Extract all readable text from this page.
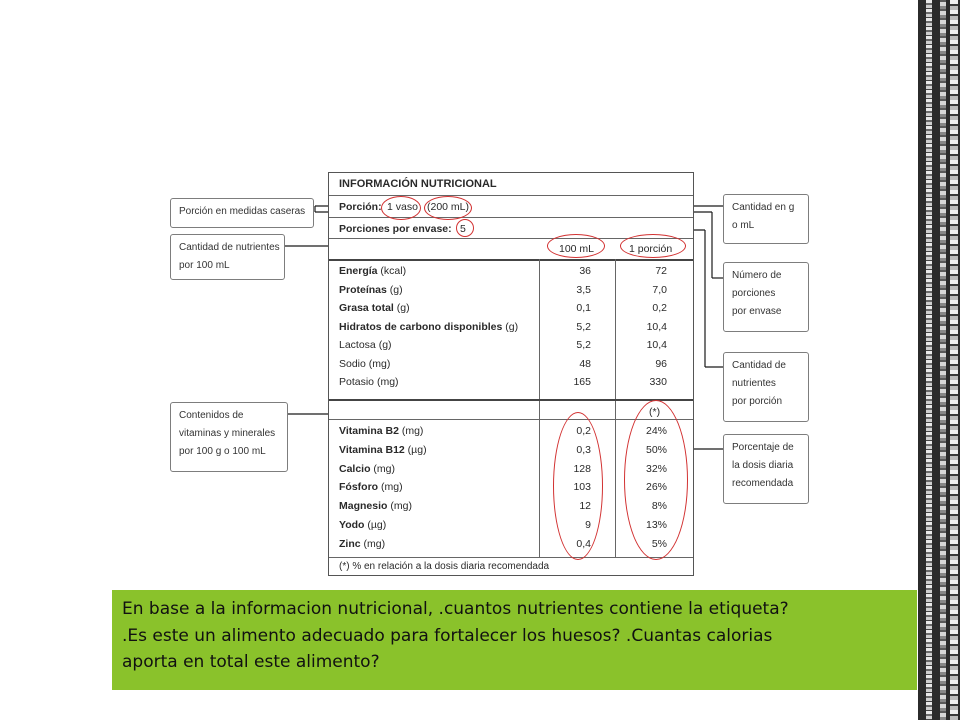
Porción en medidas caseras
Cantidad de nutrientes
por 100 mL
Contenidos de
vitaminas y minerales
por 100 g o 100 mL
Cantidad en g
o mL
Número de
porciones
por envase
Cantidad de
nutrientes
por porción
Porcentaje de
la dosis diaria
recomendada
INFORMACIÓN NUTRICIONAL
Porción: 1 vaso (200 mL)
Porciones por envase: 5
100 mL	1 porción
Energía (kcal)	36	72
Proteínas (g)	3,5	7,0
Grasa total (g)	0,1	0,2
Hidratos de carbono disponibles (g)	5,2	10,4
Lactosa (g)	5,2	10,4
Sodio (mg)	48	96
Potasio (mg)	165	330
(*)
Vitamina B2 (mg)	0,2	24%
Vitamina B12 (µg)	0,3	50%
Calcio (mg)	128	32%
Fósforo (mg)	103	26%
Magnesio (mg)	12	8%
Yodo (µg)	9	13%
Zinc (mg)	0,4	5%
(*) % en relación a la dosis diaria recomendada
En base a la informacion nutricional, .cuantos nutrientes contiene la etiqueta?
.Es este un alimento adecuado para fortalecer los huesos? .Cuantas calorias
aporta en total este alimento?
